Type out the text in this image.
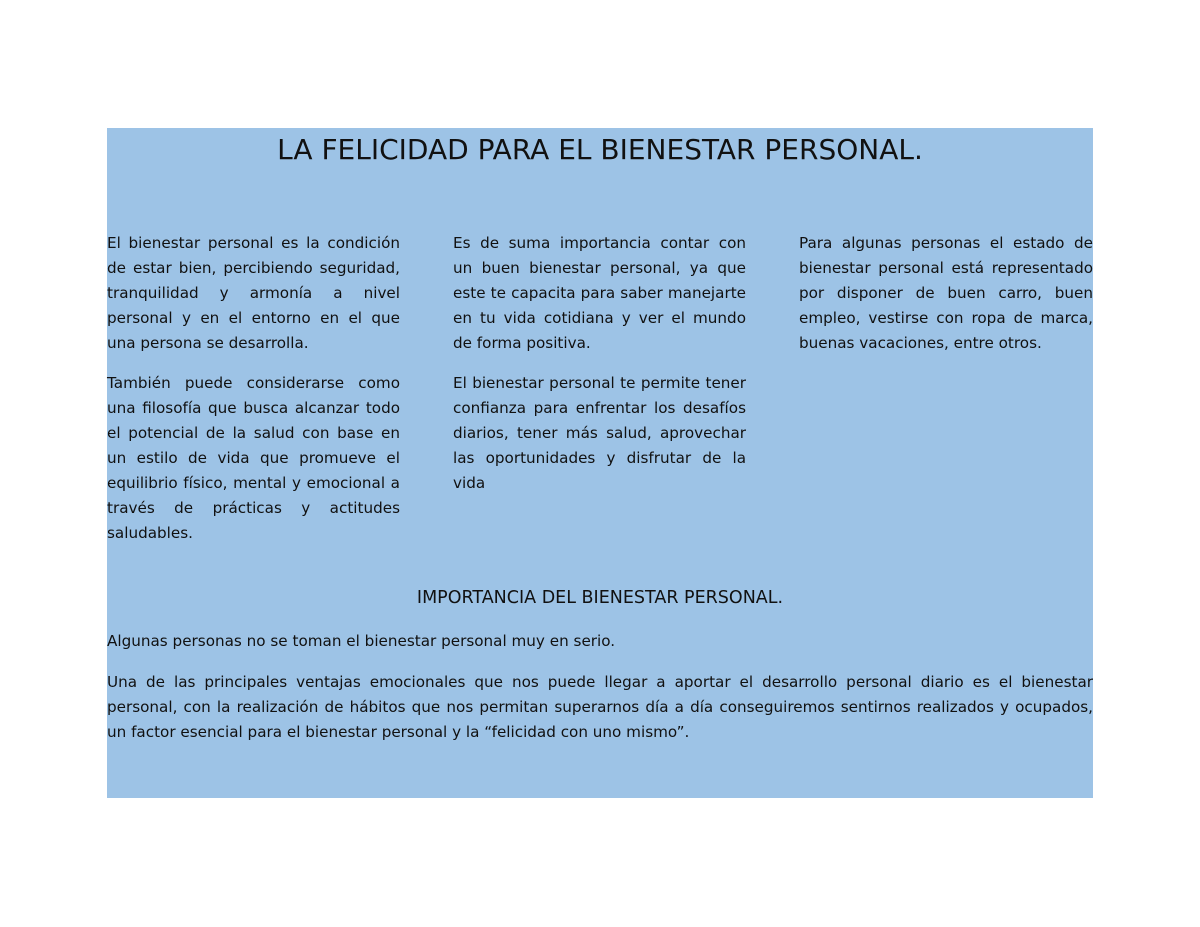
LA FELICIDAD PARA EL BIENESTAR PERSONAL.

El bienestar personal es la condición de estar bien, percibiendo seguridad, tranquilidad y armonía a nivel personal y en el entorno en el que una persona se desarrolla.

También puede considerarse como una filosofía que busca alcanzar todo el potencial de la salud con base en un estilo de vida que promueve el equilibrio físico, mental y emocional a través de prácticas y actitudes saludables.

Es de suma importancia contar con un buen bienestar personal, ya que este te capacita para saber manejarte en tu vida cotidiana y ver el mundo de forma positiva.

El bienestar personal te permite tener confianza para enfrentar los desafíos diarios, tener más salud, aprovechar las oportunidades y disfrutar de la vida

Para algunas personas el estado de bienestar personal está representado por disponer de buen carro, buen empleo, vestirse con ropa de marca, buenas vacaciones, entre otros.

IMPORTANCIA DEL BIENESTAR PERSONAL.

Algunas personas no se toman el bienestar personal muy en serio.

Una de las principales ventajas emocionales que nos puede llegar a aportar el desarrollo personal diario es el bienestar personal, con la realización de hábitos que nos permitan superarnos día a día conseguiremos sentirnos realizados y ocupados, un factor esencial para el bienestar personal y la “felicidad con uno mismo”.
